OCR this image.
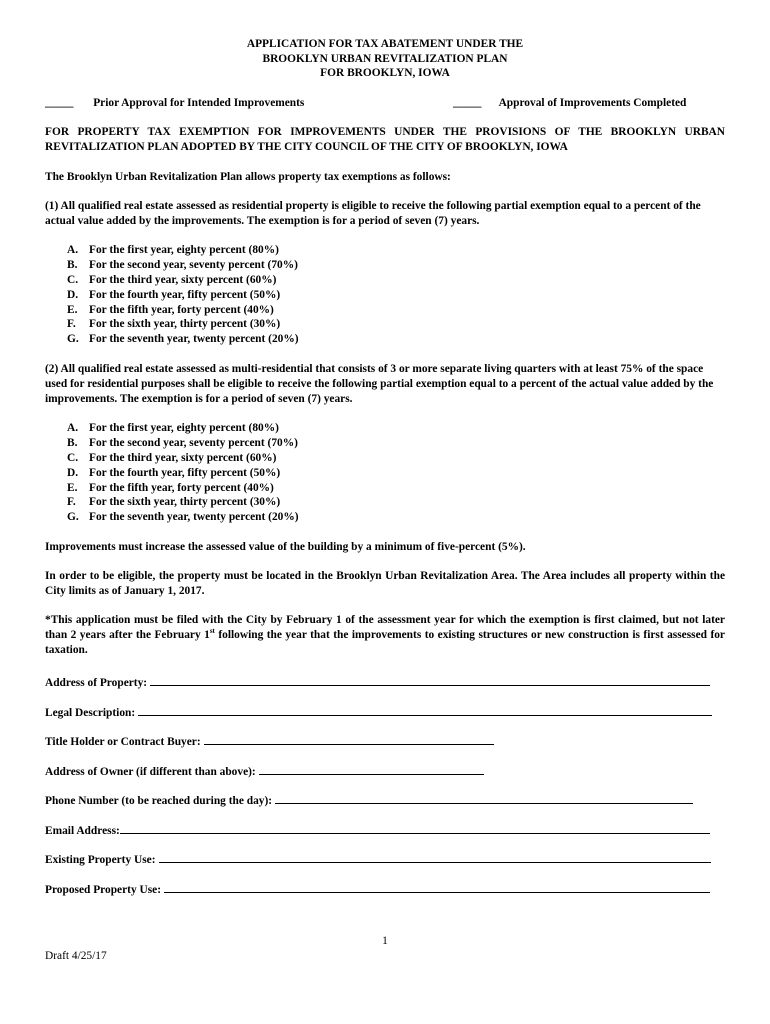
APPLICATION FOR TAX ABATEMENT UNDER THE
BROOKLYN URBAN REVITALIZATION PLAN
FOR BROOKLYN, IOWA
_____ Prior Approval for Intended Improvements	_____ Approval of Improvements Completed
FOR PROPERTY TAX EXEMPTION FOR IMPROVEMENTS UNDER THE PROVISIONS OF THE BROOKLYN URBAN REVITALIZATION PLAN ADOPTED BY THE CITY COUNCIL OF THE CITY OF BROOKLYN, IOWA
The Brooklyn Urban Revitalization Plan allows property tax exemptions as follows:
(1) All qualified real estate assessed as residential property is eligible to receive the following partial exemption equal to a percent of the actual value added by the improvements. The exemption is for a period of seven (7) years.
A. For the first year, eighty percent (80%)
B. For the second year, seventy percent (70%)
C. For the third year, sixty percent (60%)
D. For the fourth year, fifty percent (50%)
E. For the fifth year, forty percent (40%)
F. For the sixth year, thirty percent (30%)
G. For the seventh year, twenty percent (20%)
(2) All qualified real estate assessed as multi-residential that consists of 3 or more separate living quarters with at least 75% of the space used for residential purposes shall be eligible to receive the following partial exemption equal to a percent of the actual value added by the improvements. The exemption is for a period of seven (7) years.
A. For the first year, eighty percent (80%)
B. For the second year, seventy percent (70%)
C. For the third year, sixty percent (60%)
D. For the fourth year, fifty percent (50%)
E. For the fifth year, forty percent (40%)
F. For the sixth year, thirty percent (30%)
G. For the seventh year, twenty percent (20%)
Improvements must increase the assessed value of the building by a minimum of five-percent (5%).
In order to be eligible, the property must be located in the Brooklyn Urban Revitalization Area. The Area includes all property within the City limits as of January 1, 2017.
*This application must be filed with the City by February 1 of the assessment year for which the exemption is first claimed, but not later than 2 years after the February 1st following the year that the improvements to existing structures or new construction is first assessed for taxation.
Address of Property:
Legal Description:
Title Holder or Contract Buyer:
Address of Owner (if different than above):
Phone Number (to be reached during the day):
Email Address:
Existing Property Use:
Proposed Property Use:
1
Draft 4/25/17
